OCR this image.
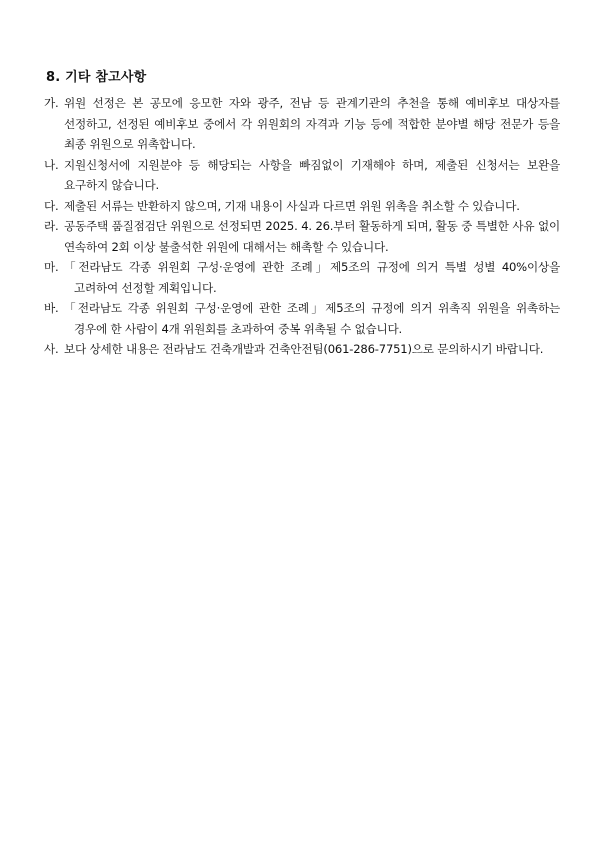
8. 기타 참고사항
가. 위원 선정은 본 공모에 응모한 자와 광주, 전남 등 관계기관의 추천을 통해 예비후보 대상자를 선정하고, 선정된 예비후보 중에서 각 위원회의 자격과 기능 등에 적합한 분야별 해당 전문가 등을 최종 위원으로 위촉합니다.
나. 지원신청서에 지원분야 등 해당되는 사항을 빠짐없이 기재해야 하며, 제출된 신청서는 보완을 요구하지 않습니다.
다. 제출된 서류는 반환하지 않으며, 기재 내용이 사실과 다르면 위원 위촉을 취소할 수 있습니다.
라. 공동주택 품질점검단 위원으로 선정되면 2025. 4. 26.부터 활동하게 되며, 활동 중 특별한 사유 없이 연속하여 2회 이상 불출석한 위원에 대해서는 해촉할 수 있습니다.
마. 「전라남도 각종 위원회 구성·운영에 관한 조례」제5조의 규정에 의거 특별 성별 40%이상을 고려하여 선정할 계획입니다.
바. 「전라남도 각종 위원회 구성·운영에 관한 조례」제5조의 규정에 의거 위촉직 위원을 위촉하는 경우에 한 사람이 4개 위원회를 초과하여 중복 위촉될 수 없습니다.
사. 보다 상세한 내용은 전라남도 건축개발과 건축안전팀(061-286-7751)으로 문의하시기 바랍니다.
